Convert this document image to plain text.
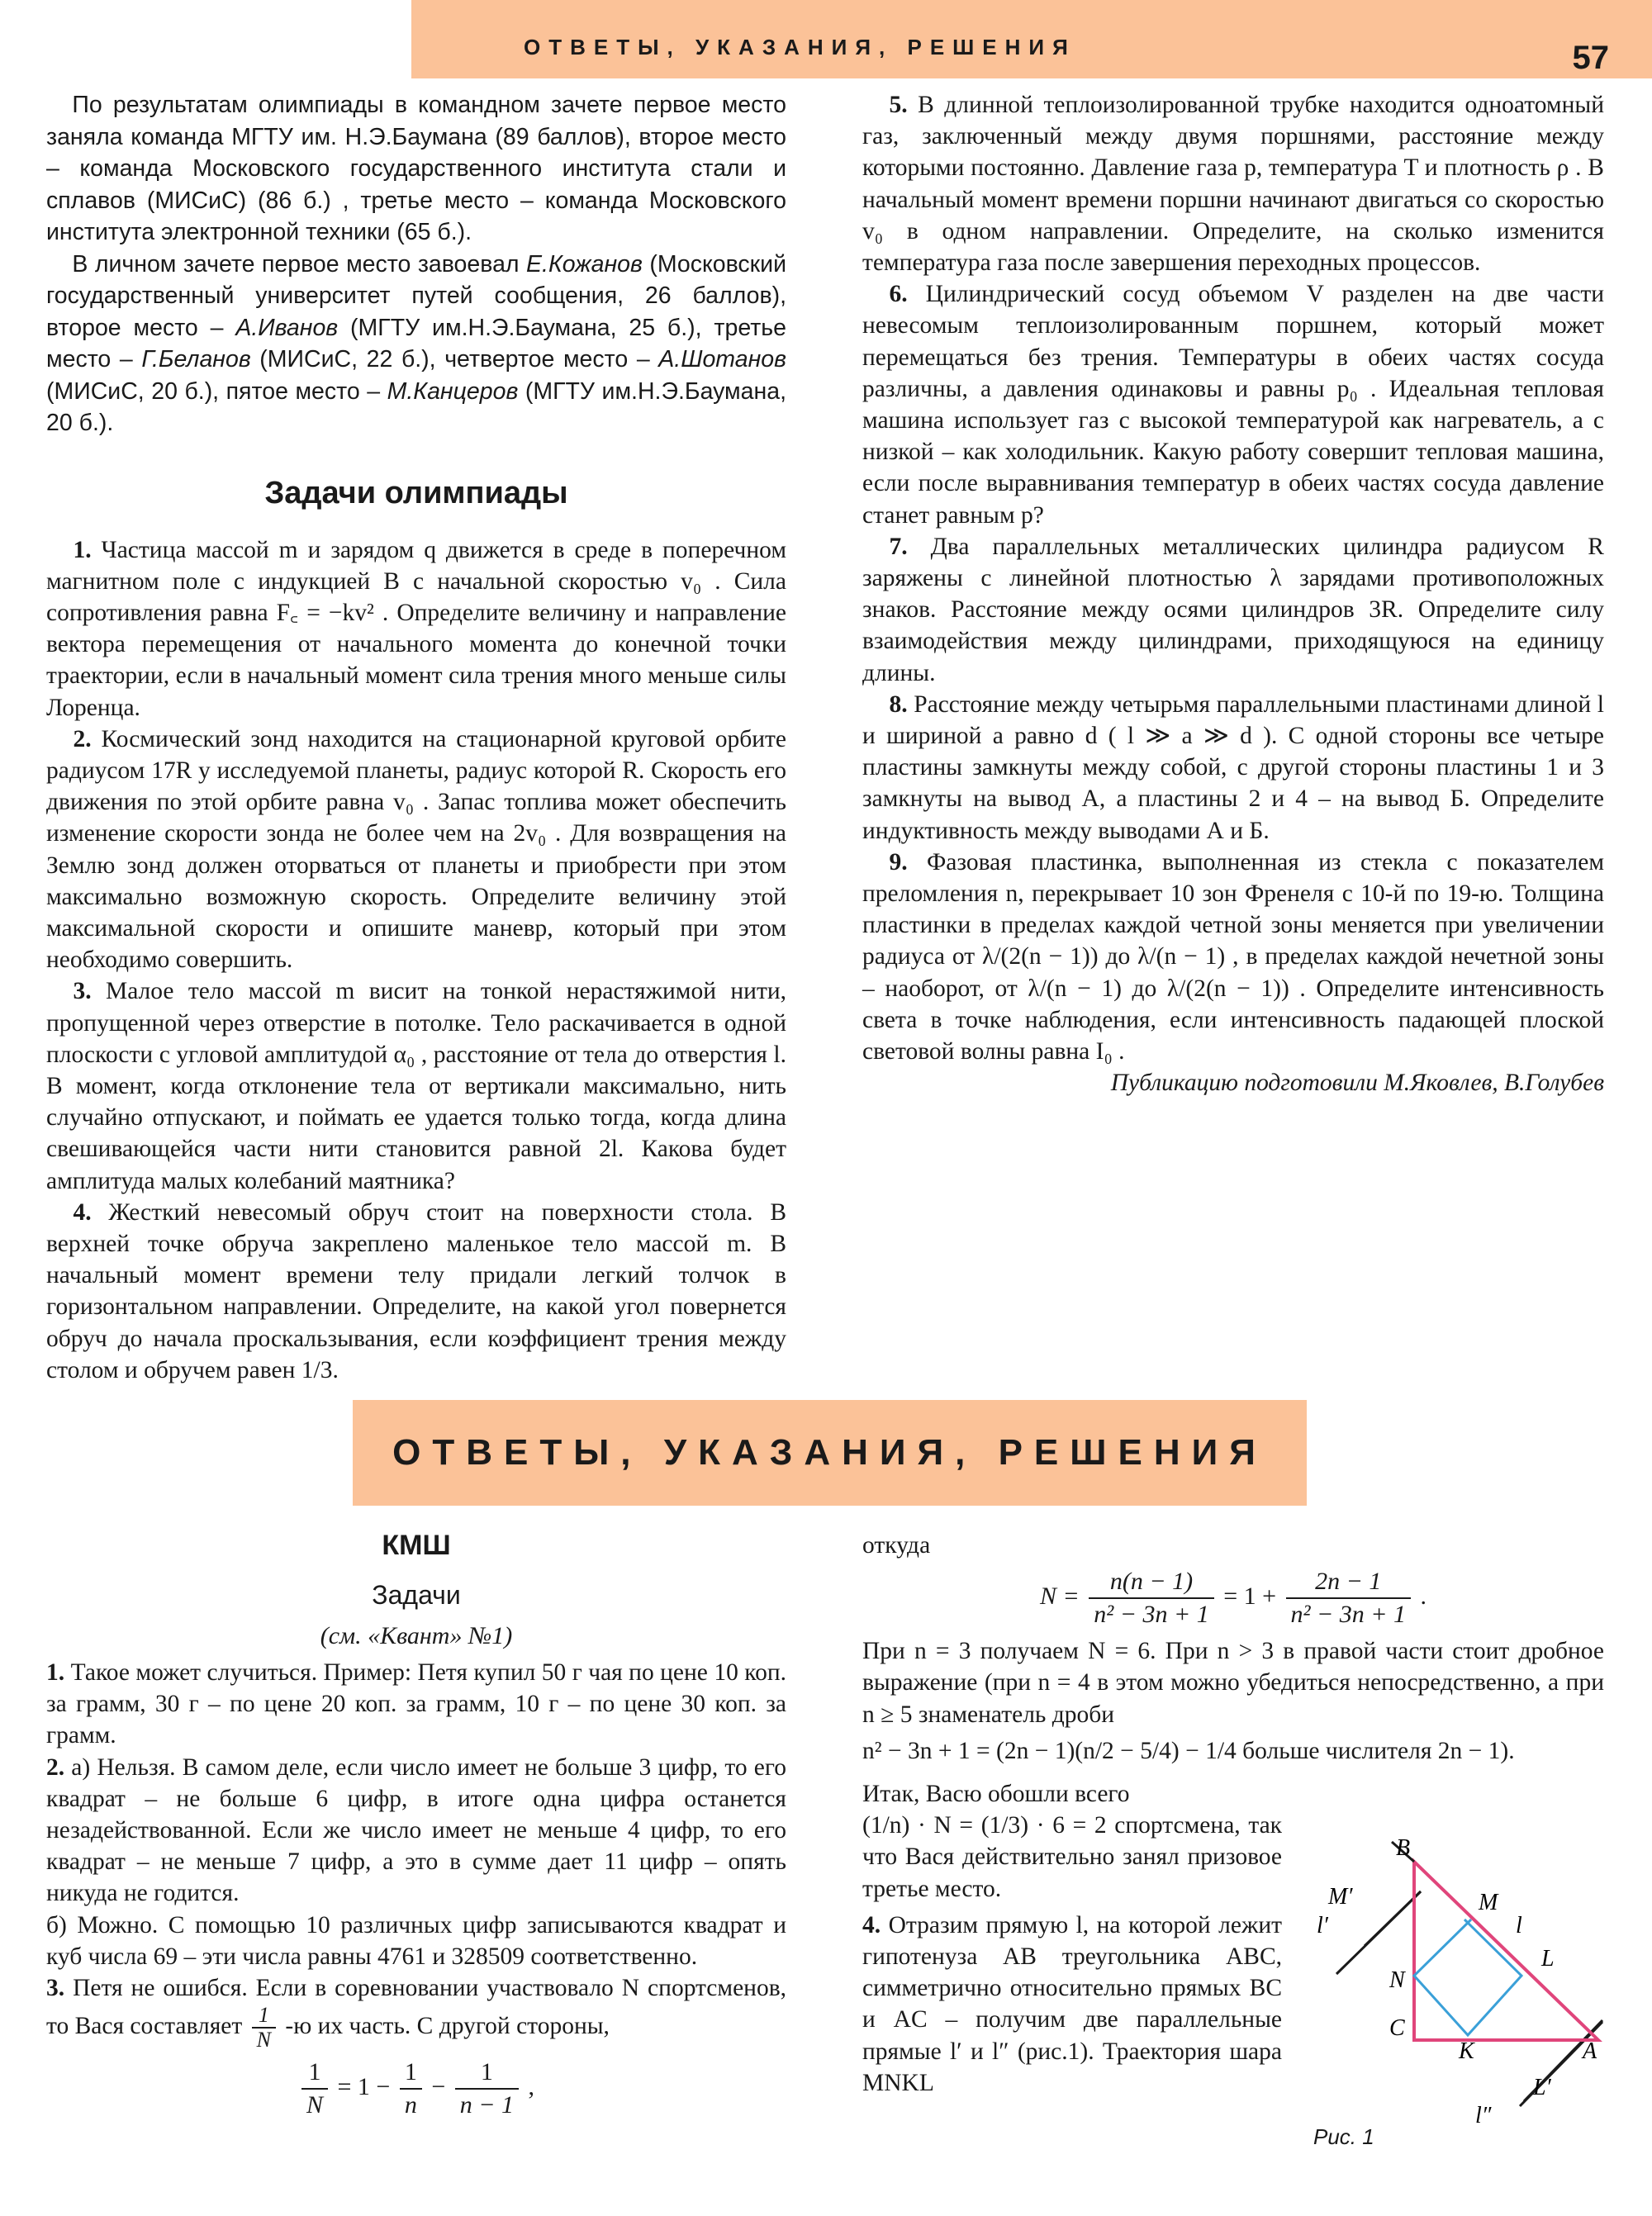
ОТВЕТЫ, УКАЗАНИЯ, РЕШЕНИЯ	57

По результатам олимпиады в командном зачете первое место заняла команда МГТУ им. Н.Э.Баумана (89 баллов), второе место – команда Московского государственного института стали и сплавов (МИСиС) (86 б.) , третье место – команда Московского института электронной техники (65 б.).

В личном зачете первое место завоевал Е.Кожанов (Московский государственный университет путей сообщения, 26 баллов), второе место – А.Иванов (МГТУ им.Н.Э.Баумана, 25 б.), третье место – Г.Беланов (МИСиС, 22 б.), четвертое место – А.Шотанов (МИСиС, 20 б.), пятое место – М.Канцеров (МГТУ им.Н.Э.Баумана, 20 б.).

Задачи олимпиады

1. Частица массой m и зарядом q движется в среде в поперечном магнитном поле с индукцией B с начальной скоростью v₀ . Сила сопротивления равна F꜀ = −kv² . Определите величину и направление вектора перемещения от начального момента до конечной точки траектории, если в начальный момент сила трения много меньше силы Лоренца.

2. Космический зонд находится на стационарной круговой орбите радиусом 17R у исследуемой планеты, радиус которой R. Скорость его движения по этой орбите равна v₀ . Запас топлива может обеспечить изменение скорости зонда не более чем на 2v₀ . Для возвращения на Землю зонд должен оторваться от планеты и приобрести при этом максимально возможную скорость. Определите величину этой максимальной скорости и опишите маневр, который при этом необходимо совершить.

3. Малое тело массой m висит на тонкой нерастяжимой нити, пропущенной через отверстие в потолке. Тело раскачивается в одной плоскости с угловой амплитудой α₀ , расстояние от тела до отверстия l. В момент, когда отклонение тела от вертикали максимально, нить случайно отпускают, и поймать ее удается только тогда, когда длина свешивающейся части нити становится равной 2l. Какова будет амплитуда малых колебаний маятника?

4. Жесткий невесомый обруч стоит на поверхности стола. В верхней точке обруча закреплено маленькое тело массой m. В начальный момент времени телу придали легкий толчок в горизонтальном направлении. Определите, на какой угол повернется обруч до начала проскальзывания, если коэффициент трения между столом и обручем равен 1/3.

5. В длинной теплоизолированной трубке находится одноатомный газ, заключенный между двумя поршнями, расстояние между которыми постоянно. Давление газа p, температура T и плотность ρ . В начальный момент времени поршни начинают двигаться со скоростью v₀ в одном направлении. Определите, на сколько изменится температура газа после завершения переходных процессов.

6. Цилиндрический сосуд объемом V разделен на две части невесомым теплоизолированным поршнем, который может перемещаться без трения. Температуры в обеих частях сосуда различны, а давления одинаковы и равны p₀ . Идеальная тепловая машина использует газ с высокой температурой как нагреватель, а с низкой – как холодильник. Какую работу совершит тепловая машина, если после выравнивания температур в обеих частях сосуда давление станет равным p?

7. Два параллельных металлических цилиндра радиусом R заряжены с линейной плотностью λ зарядами противоположных знаков. Расстояние между осями цилиндров 3R. Определите силу взаимодействия между цилиндрами, приходящуюся на единицу длины.

8. Расстояние между четырьмя параллельными пластинами длиной l и шириной a равно d ( l ≫ a ≫ d ). С одной стороны все четыре пластины замкнуты между собой, с другой стороны пластины 1 и 3 замкнуты на вывод А, а пластины 2 и 4 – на вывод Б. Определите индуктивность между выводами А и Б.

9. Фазовая пластинка, выполненная из стекла с показателем преломления n, перекрывает 10 зон Френеля с 10-й по 19-ю. Толщина пластинки в пределах каждой четной зоны меняется при увеличении радиуса от λ/(2(n − 1)) до λ/(n − 1) , в пределах каждой нечетной зоны – наоборот, от λ/(n − 1) до λ/(2(n − 1)) . Определите интенсивность света в точке наблюдения, если интенсивность падающей плоской световой волны равна I₀ .

Публикацию подготовили М.Яковлев, В.Голубев

ОТВЕТЫ, УКАЗАНИЯ, РЕШЕНИЯ
КМШ
Задачи
(см. «Квант» №1)

1. Такое может случиться. Пример: Петя купил 50 г чая по цене 10 коп. за грамм, 30 г – по цене 20 коп. за грамм, 10 г – по цене 30 коп. за грамм.

2. а) Нельзя. В самом деле, если число имеет не больше 3 цифр, то его квадрат – не больше 6 цифр, в итоге одна цифра останется незадействованной. Если же число имеет не меньше 4 цифр, то его квадрат – не меньше 7 цифр, а это в сумме дает 11 цифр – опять никуда не годится.

б) Можно. С помощью 10 различных цифр записываются квадрат и куб числа 69 – эти числа равны 4761 и 328509 соответственно.

3. Петя не ошибся. Если в соревновании участвовало N спортсменов, то Вася составляет $\frac{1}{N} -ю$ их часть. С другой стороны,

$\frac{1}{N} = 1 - \frac{1}{n} - \frac{1}{n - 1}$ ,

откуда

$N = \frac{n(n - 1)}{\text{n² − 3n + 1}} = 1 + \frac{2n - 1}{\text{n² − 3n + 1}}$ .

При n = 3 получаем N = 6. При n > 3 в правой части стоит дробное выражение (при n = 4 в этом можно убедиться непосредственно, а при n ≥ 5 знаменатель дроби

n² − 3n + 1 = (2n − 1)(n/2 − 5/4) − 1/4 больше числителя 2n − 1).

Итак, Васю обошли всего

(1/n) · N = (1/3) · 6 = 2 спортсмена, так что Вася действительно занял призовое третье место.

4. Отразим прямую l, на которой лежит гипотенуза AB треугольника ABC, симметрично относительно прямых BC и AC – получим две параллельные прямые l′ и l″ (рис.1). Траектория шара MNKL

B
M′	M
l′	l
L
N
C
K	A
L′
l″
Рис. 1
